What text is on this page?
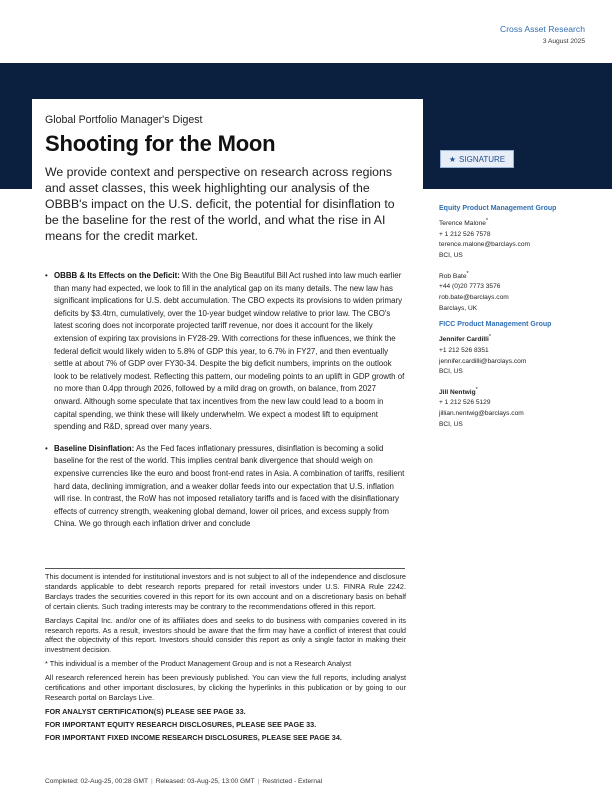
Cross Asset Research
3 August 2025
Global Portfolio Manager's Digest
Shooting for the Moon
We provide context and perspective on research across regions and asset classes, this week highlighting our analysis of the OBBB's impact on the U.S. deficit, the potential for disinflation to be the baseline for the rest of the world, and what the rise in AI means for the credit market.
★ SIGNATURE
• OBBB & Its Effects on the Deficit: With the One Big Beautiful Bill Act rushed into law much earlier than many had expected, we look to fill in the analytical gap on its many details. The new law has significant implications for U.S. debt accumulation. The CBO expects its provisions to widen primary deficits by $3.4trn, cumulatively, over the 10-year budget window relative to prior law. The CBO's latest scoring does not incorporate projected tariff revenue, nor does it account for the likely extension of expiring tax provisions in FY28-29. With corrections for these influences, we think the federal deficit would likely widen to 5.8% of GDP this year, to 6.7% in FY27, and then eventually settle at about 7% of GDP over FY30-34. Despite the big deficit numbers, imprints on the outlook look to be relatively modest. Reflecting this pattern, our modeling points to an uplift in GDP growth of no more than 0.4pp through 2026, followed by a mild drag on growth, on balance, from 2027 onward. Although some speculate that tax incentives from the new law could lead to a boom in capital spending, we think these will likely underwhelm. We expect a modest lift to equipment spending and R&D, spread over many years.
• Baseline Disinflation: As the Fed faces inflationary pressures, disinflation is becoming a solid baseline for the rest of the world. This implies central bank divergence that should weigh on expensive currencies like the euro and boost front-end rates in Asia. A combination of tariffs, resilient hard data, declining immigration, and a weaker dollar feeds into our expectation that U.S. inflation will rise. In contrast, the RoW has not imposed retaliatory tariffs and is faced with the disinflationary effects of currency strength, weakening global demand, lower oil prices, and excess supply from China. We go through each inflation driver and conclude
Equity Product Management Group
Terence Malone*
+ 1 212 526 7578
terence.malone@barclays.com
BCI, US
Rob Bate*
+44 (0)20 7773 3576
rob.bate@barclays.com
Barclays, UK
FICC Product Management Group
Jennifer Cardilli*
+1 212 526 8351
jennifer.cardilli@barclays.com
BCI, US
Jill Nentwig*
+ 1 212 526 5129
jillian.nentwig@barclays.com
BCI, US

This document is intended for institutional investors and is not subject to all of the independence and disclosure standards applicable to debt research reports prepared for retail investors under U.S. FINRA Rule 2242. Barclays trades the securities covered in this report for its own account and on a discretionary basis on behalf of certain clients. Such trading interests may be contrary to the recommendations offered in this report.

Barclays Capital Inc. and/or one of its affiliates does and seeks to do business with companies covered in its research reports. As a result, investors should be aware that the firm may have a conflict of interest that could affect the objectivity of this report. Investors should consider this report as only a single factor in making their investment decision.

* This individual is a member of the Product Management Group and is not a Research Analyst

All research referenced herein has been previously published. You can view the full reports, including analyst certifications and other important disclosures, by clicking the hyperlinks in this publication or by going to our Research portal on Barclays Live.

FOR ANALYST CERTIFICATION(S) PLEASE SEE PAGE 33.

FOR IMPORTANT EQUITY RESEARCH DISCLOSURES, PLEASE SEE PAGE 33.

FOR IMPORTANT FIXED INCOME RESEARCH DISCLOSURES, PLEASE SEE PAGE 34.

Completed: 02-Aug-25, 00:28 GMT | Released: 03-Aug-25, 13:00 GMT | Restricted - External
